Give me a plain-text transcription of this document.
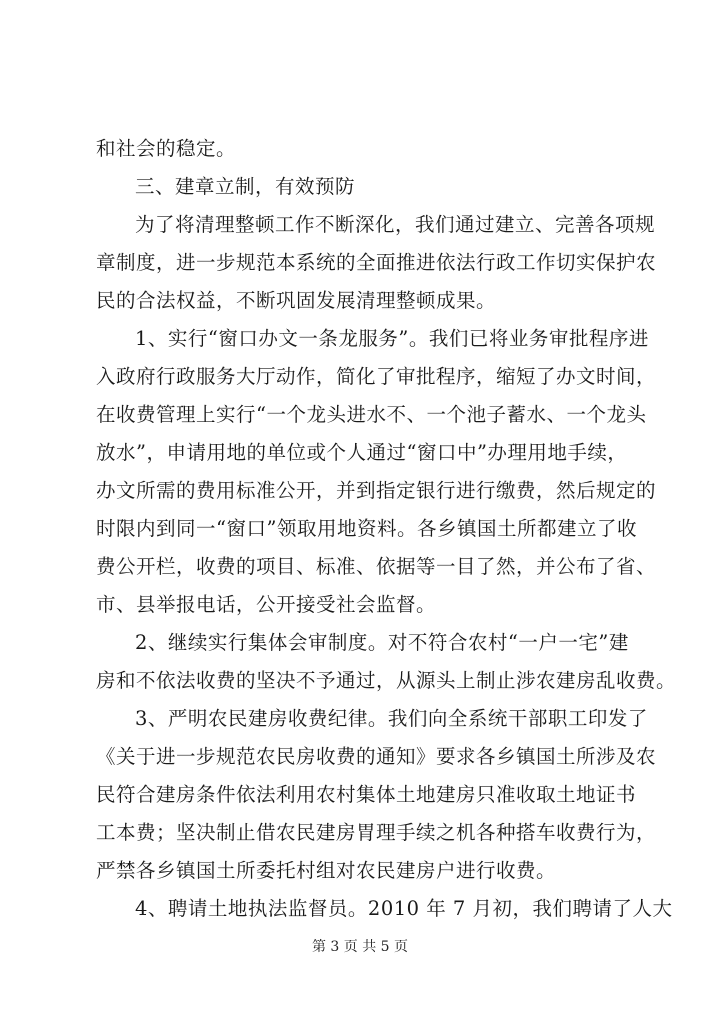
和社会的稳定。
三、建章立制，有效预防
为了将清理整顿工作不断深化，我们通过建立、完善各项规
章制度，进一步规范本系统的全面推进依法行政工作切实保护农
民的合法权益，不断巩固发展清理整顿成果。
1、实行“窗口办文一条龙服务”。我们已将业务审批程序进
入政府行政服务大厅动作，简化了审批程序，缩短了办文时间，
在收费管理上实行“一个龙头进水不、一个池子蓄水、一个龙头
放水”，申请用地的单位或个人通过“窗口中”办理用地手续，
办文所需的费用标准公开，并到指定银行进行缴费，然后规定的
时限内到同一“窗口”领取用地资料。各乡镇国土所都建立了收
费公开栏，收费的项目、标准、依据等一目了然，并公布了省、
市、县举报电话，公开接受社会监督。
2、继续实行集体会审制度。对不符合农村“一户一宅”建
房和不依法收费的坚决不予通过，从源头上制止涉农建房乱收费。
3、严明农民建房收费纪律。我们向全系统干部职工印发了
《关于进一步规范农民房收费的通知》要求各乡镇国土所涉及农
民符合建房条件依法利用农村集体土地建房只准收取土地证书
工本费；坚决制止借农民建房胃理手续之机各种搭车收费行为，
严禁各乡镇国土所委托村组对农民建房户进行收费。
4、聘请土地执法监督员。2010 年 7 月初，我们聘请了人大
第 3 页 共 5 页
